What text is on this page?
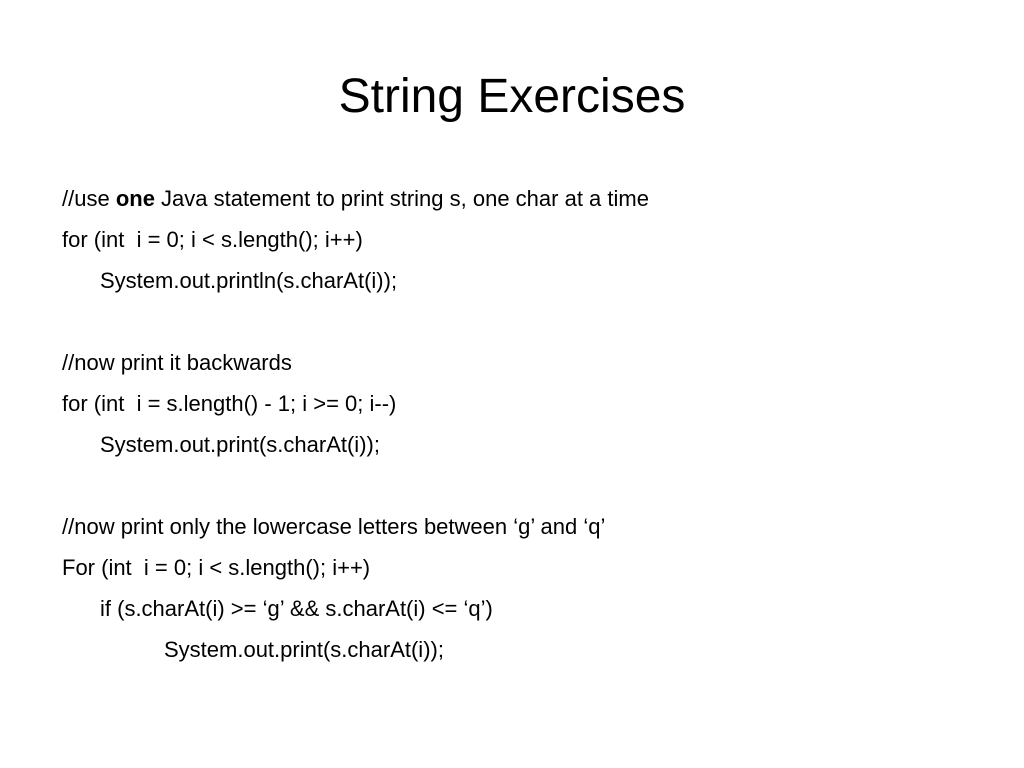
String Exercises
//use one Java statement to print string s, one char at a time
for (int  i = 0; i < s.length(); i++)
System.out.println(s.charAt(i));
//now print it backwards
for (int  i = s.length() - 1; i >= 0; i--)
System.out.print(s.charAt(i));
//now print only the lowercase letters between ‘g’ and ‘q’
For (int  i = 0; i < s.length(); i++)
if (s.charAt(i) >= ‘g’ && s.charAt(i) <= ‘q’)
System.out.print(s.charAt(i));
